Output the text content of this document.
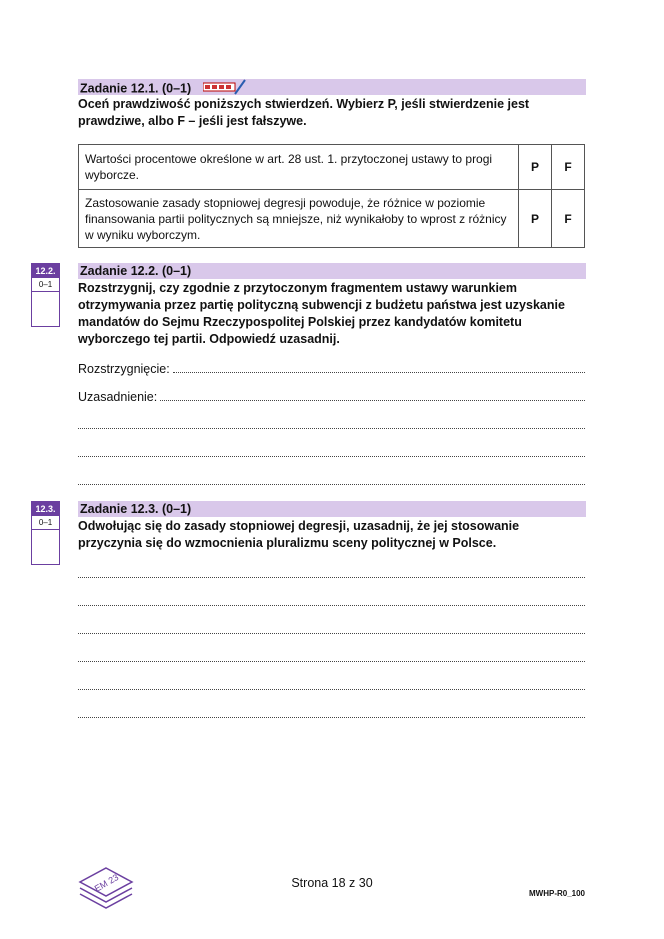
Zadanie 12.1. (0–1)
Oceń prawdziwość poniższych stwierdzeń. Wybierz P, jeśli stwierdzenie jest prawdziwe, albo F – jeśli jest fałszywe.
Wartości procentowe określone w art. 28 ust. 1. przytoczonej ustawy to progi wyborcze.	P	F
Zastosowanie zasady stopniowej degresji powoduje, że różnice w poziomie finansowania partii politycznych są mniejsze, niż wynikałoby to wprost z różnicy w wyniku wyborczym.	P	F
12.2.
0–1
Zadanie 12.2. (0–1)
Rozstrzygnij, czy zgodnie z przytoczonym fragmentem ustawy warunkiem otrzymywania przez partię polityczną subwencji z budżetu państwa jest uzyskanie mandatów do Sejmu Rzeczypospolitej Polskiej przez kandydatów komitetu wyborczego tej partii. Odpowiedź uzasadnij.
Rozstrzygnięcie:
Uzasadnienie:
12.3.
0–1
Zadanie 12.3. (0–1)
Odwołując się do zasady stopniowej degresji, uzasadnij, że jej stosowanie przyczynia się do wzmocnienia pluralizmu sceny politycznej w Polsce.
EM 23	Strona 18 z 30
MWHP-R0_100
